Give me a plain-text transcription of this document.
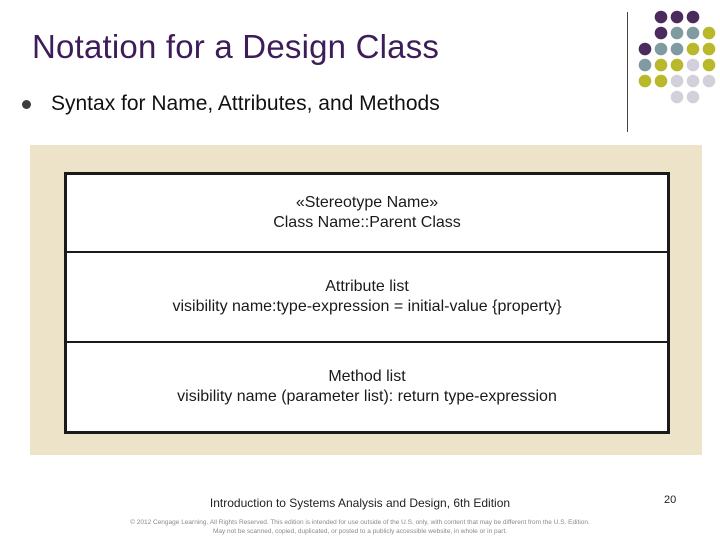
Notation for a Design Class
Syntax for Name, Attributes, and Methods
«Stereotype Name»
Class Name::Parent Class
Attribute list
visibility name:type-expression = initial-value {property}
Method list
visibility name (parameter list): return type-expression
Introduction to Systems Analysis and Design, 6th Edition	20
© 2012 Cengage Learning. All Rights Reserved. This edition is intended for use outside of the U.S. only, with content that may be different from the U.S. Edition.
May not be scanned, copied, duplicated, or posted to a publicly accessible website, in whole or in part.
